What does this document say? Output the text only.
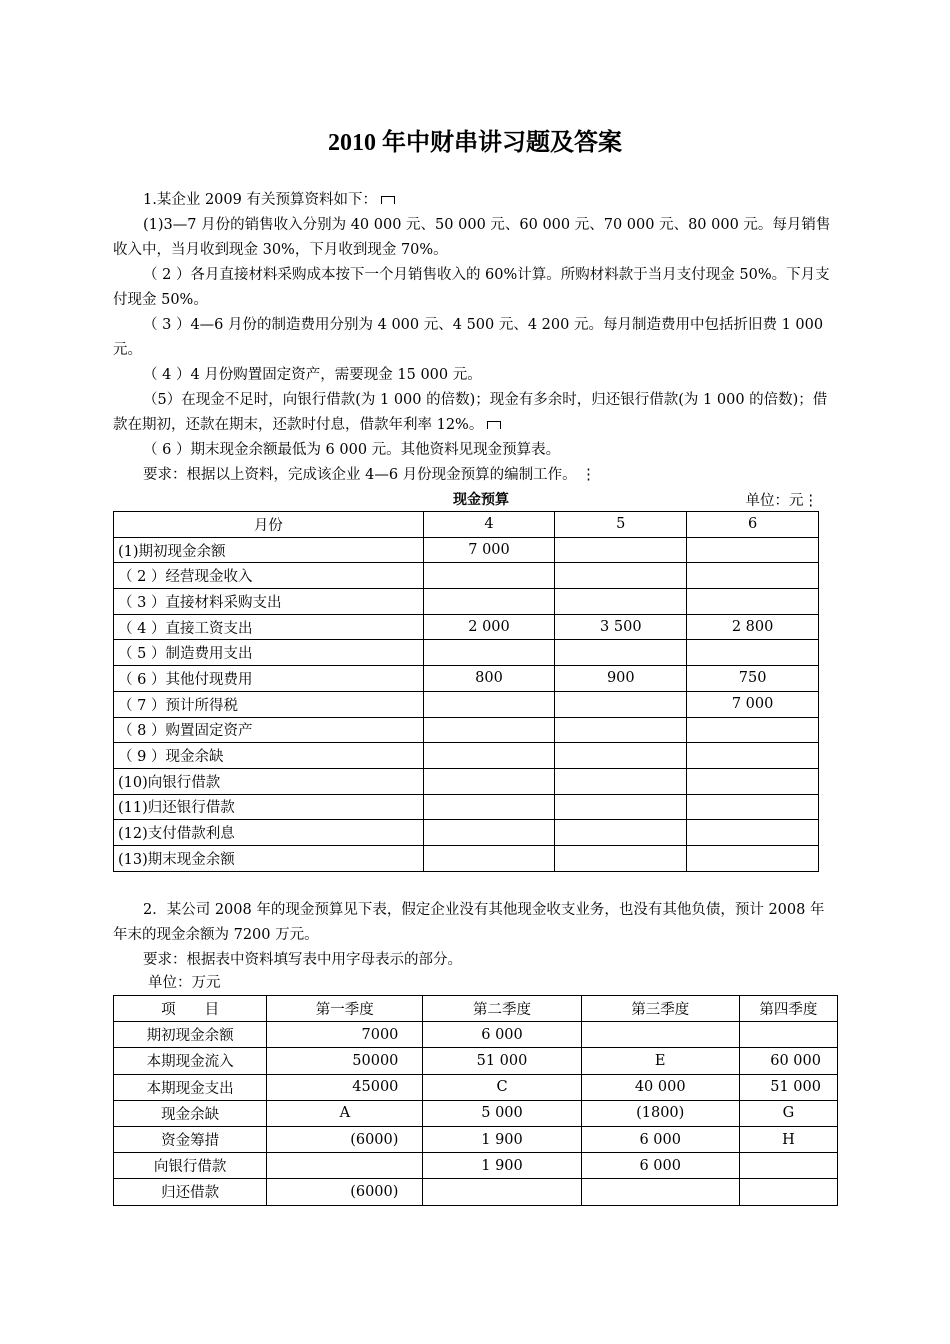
2010 年中财串讲习题及答案
1.某企业 2009 有关预算资料如下：
(1)3—7 月份的销售收入分别为 40 000 元、50 000 元、60 000 元、70 000 元、80 000 元。每月销售收入中，当月收到现金 30%，下月收到现金 70%。
（ 2 ）各月直接材料采购成本按下一个月销售收入的 60%计算。所购材料款于当月支付现金 50%。下月支付现金 50%。
（ 3 ）4—6 月份的制造费用分别为 4 000 元、4 500 元、4 200 元。每月制造费用中包括折旧费 1 000 元。
（ 4 ）4 月份购置固定资产，需要现金 15 000 元。
（5）在现金不足时，向银行借款(为 1 000 的倍数)；现金有多余时，归还银行借款(为 1 000 的倍数)；借款在期初，还款在期末，还款时付息，借款年利率 12%。
（ 6 ）期末现金余额最低为 6 000 元。其他资料见现金预算表。
要求：根据以上资料，完成该企业 4—6 月份现金预算的编制工作。 ⋮
现金预算	单位：元⋮
月份	4	5	6
(1)期初现金余额	7 000		
（ 2 ）经营现金收入			
（ 3 ）直接材料采购支出			
（ 4 ）直接工资支出	2 000	3 500	2 800
（ 5 ）制造费用支出			
（ 6 ）其他付现费用	800	900	750
（ 7 ）预计所得税			7 000
（ 8 ）购置固定资产			
（ 9 ）现金余缺			
(10)向银行借款			
(11)归还银行借款			
(12)支付借款利息			
(13)期末现金余额			
2．某公司 2008 年的现金预算见下表，假定企业没有其他现金收支业务，也没有其他负债，预计 2008 年年末的现金余额为 7200 万元。
要求：根据表中资料填写表中用字母表示的部分。
单位：万元
项　　目	第一季度	第二季度	第三季度	第四季度
期初现金余额	7000	6 000		
本期现金流入	50000	51 000	E	60 000
本期现金支出	45000	C	40 000	51 000
现金余缺	A	5 000	(1800)	G
资金筹措	(6000)	1 900	6 000	H
向银行借款		1 900	6 000	
归还借款	(6000)			
